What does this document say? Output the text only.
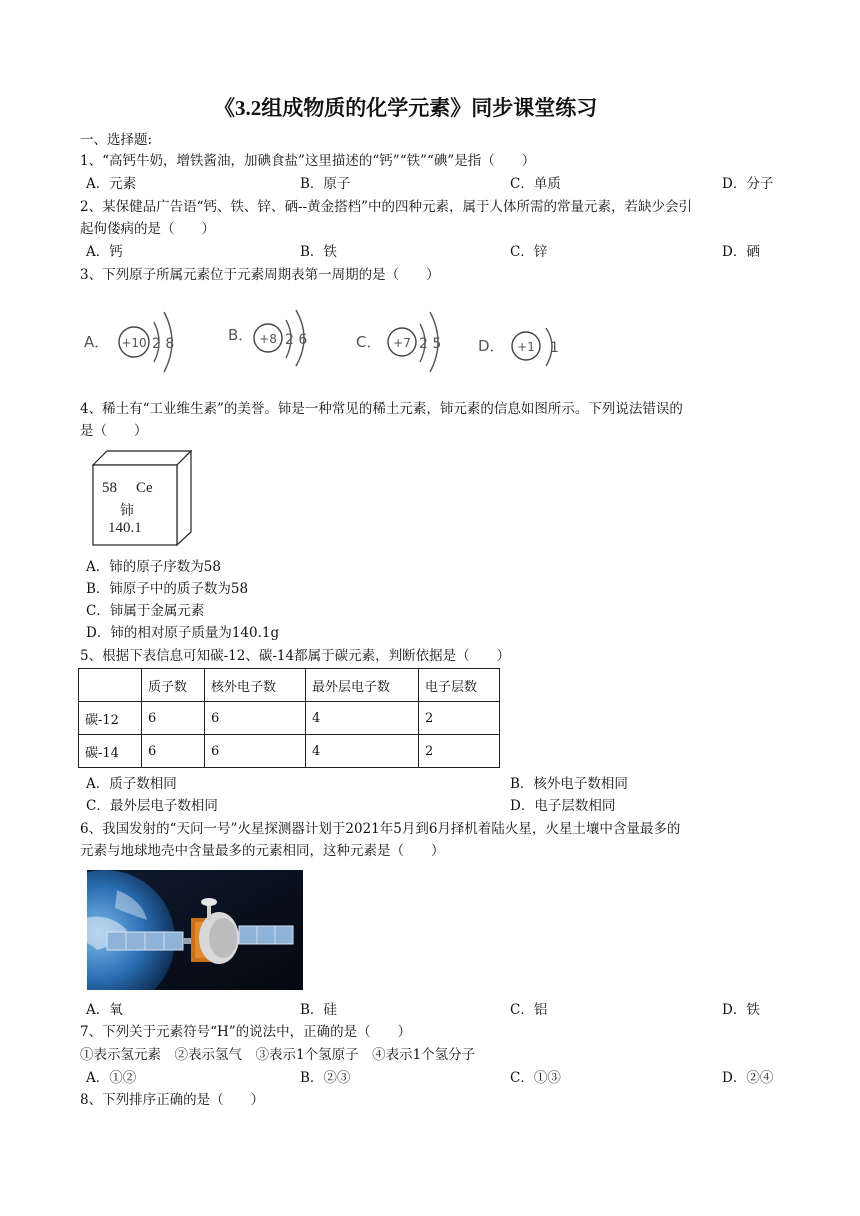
《3.2组成物质的化学元素》同步课堂练习
一、选择题:
1、“高钙牛奶，增铁酱油，加碘食盐”这里描述的“钙”“铁”“碘”是指（　　）
A．元素	B．原子	C．单质	D．分子
2、某保健品广告语“钙、铁、锌、硒--黄金搭档”中的四种元素，属于人体所需的常量元素，若缺少会引
起佝偻病的是（　　）
A．钙	B．铁	C．锌	D．硒
3、下列原子所属元素位于元素周期表第一周期的是（　　）
A． +10 2 8	B． +8 2 6	C． +7 2 5 D． +1 1
4、稀土有“工业维生素”的美誉。铈是一种常见的稀土元素，铈元素的信息如图所示。下列说法错误的
是（　　）
58 Ce
铈
140.1
A．铈的原子序数为58
B．铈原子中的质子数为58
C．铈属于金属元素
D．铈的相对原子质量为140.1g
5、根据下表信息可知碳-12、碳-14都属于碳元素，判断依据是（　　）
	质子数	核外电子数	最外层电子数	电子层数
碳-12	6	6	4	2
碳-14	6	6	4	2
A．质子数相同	B．核外电子数相同
C．最外层电子数相同	D．电子层数相同
6、我国发射的“天问一号”火星探测器计划于2021年5月到6月择机着陆火星，火星土壤中含量最多的
元素与地球地壳中含量最多的元素相同，这种元素是（　　）
A．氧	B．硅	C．铝	D．铁
7、下列关于元素符号“H”的说法中，正确的是（　　）
①表示氢元素　②表示氢气　③表示1个氢原子　④表示1个氢分子
A．①②	B．②③	C．①③	D．②④
8、下列排序正确的是（　　）
